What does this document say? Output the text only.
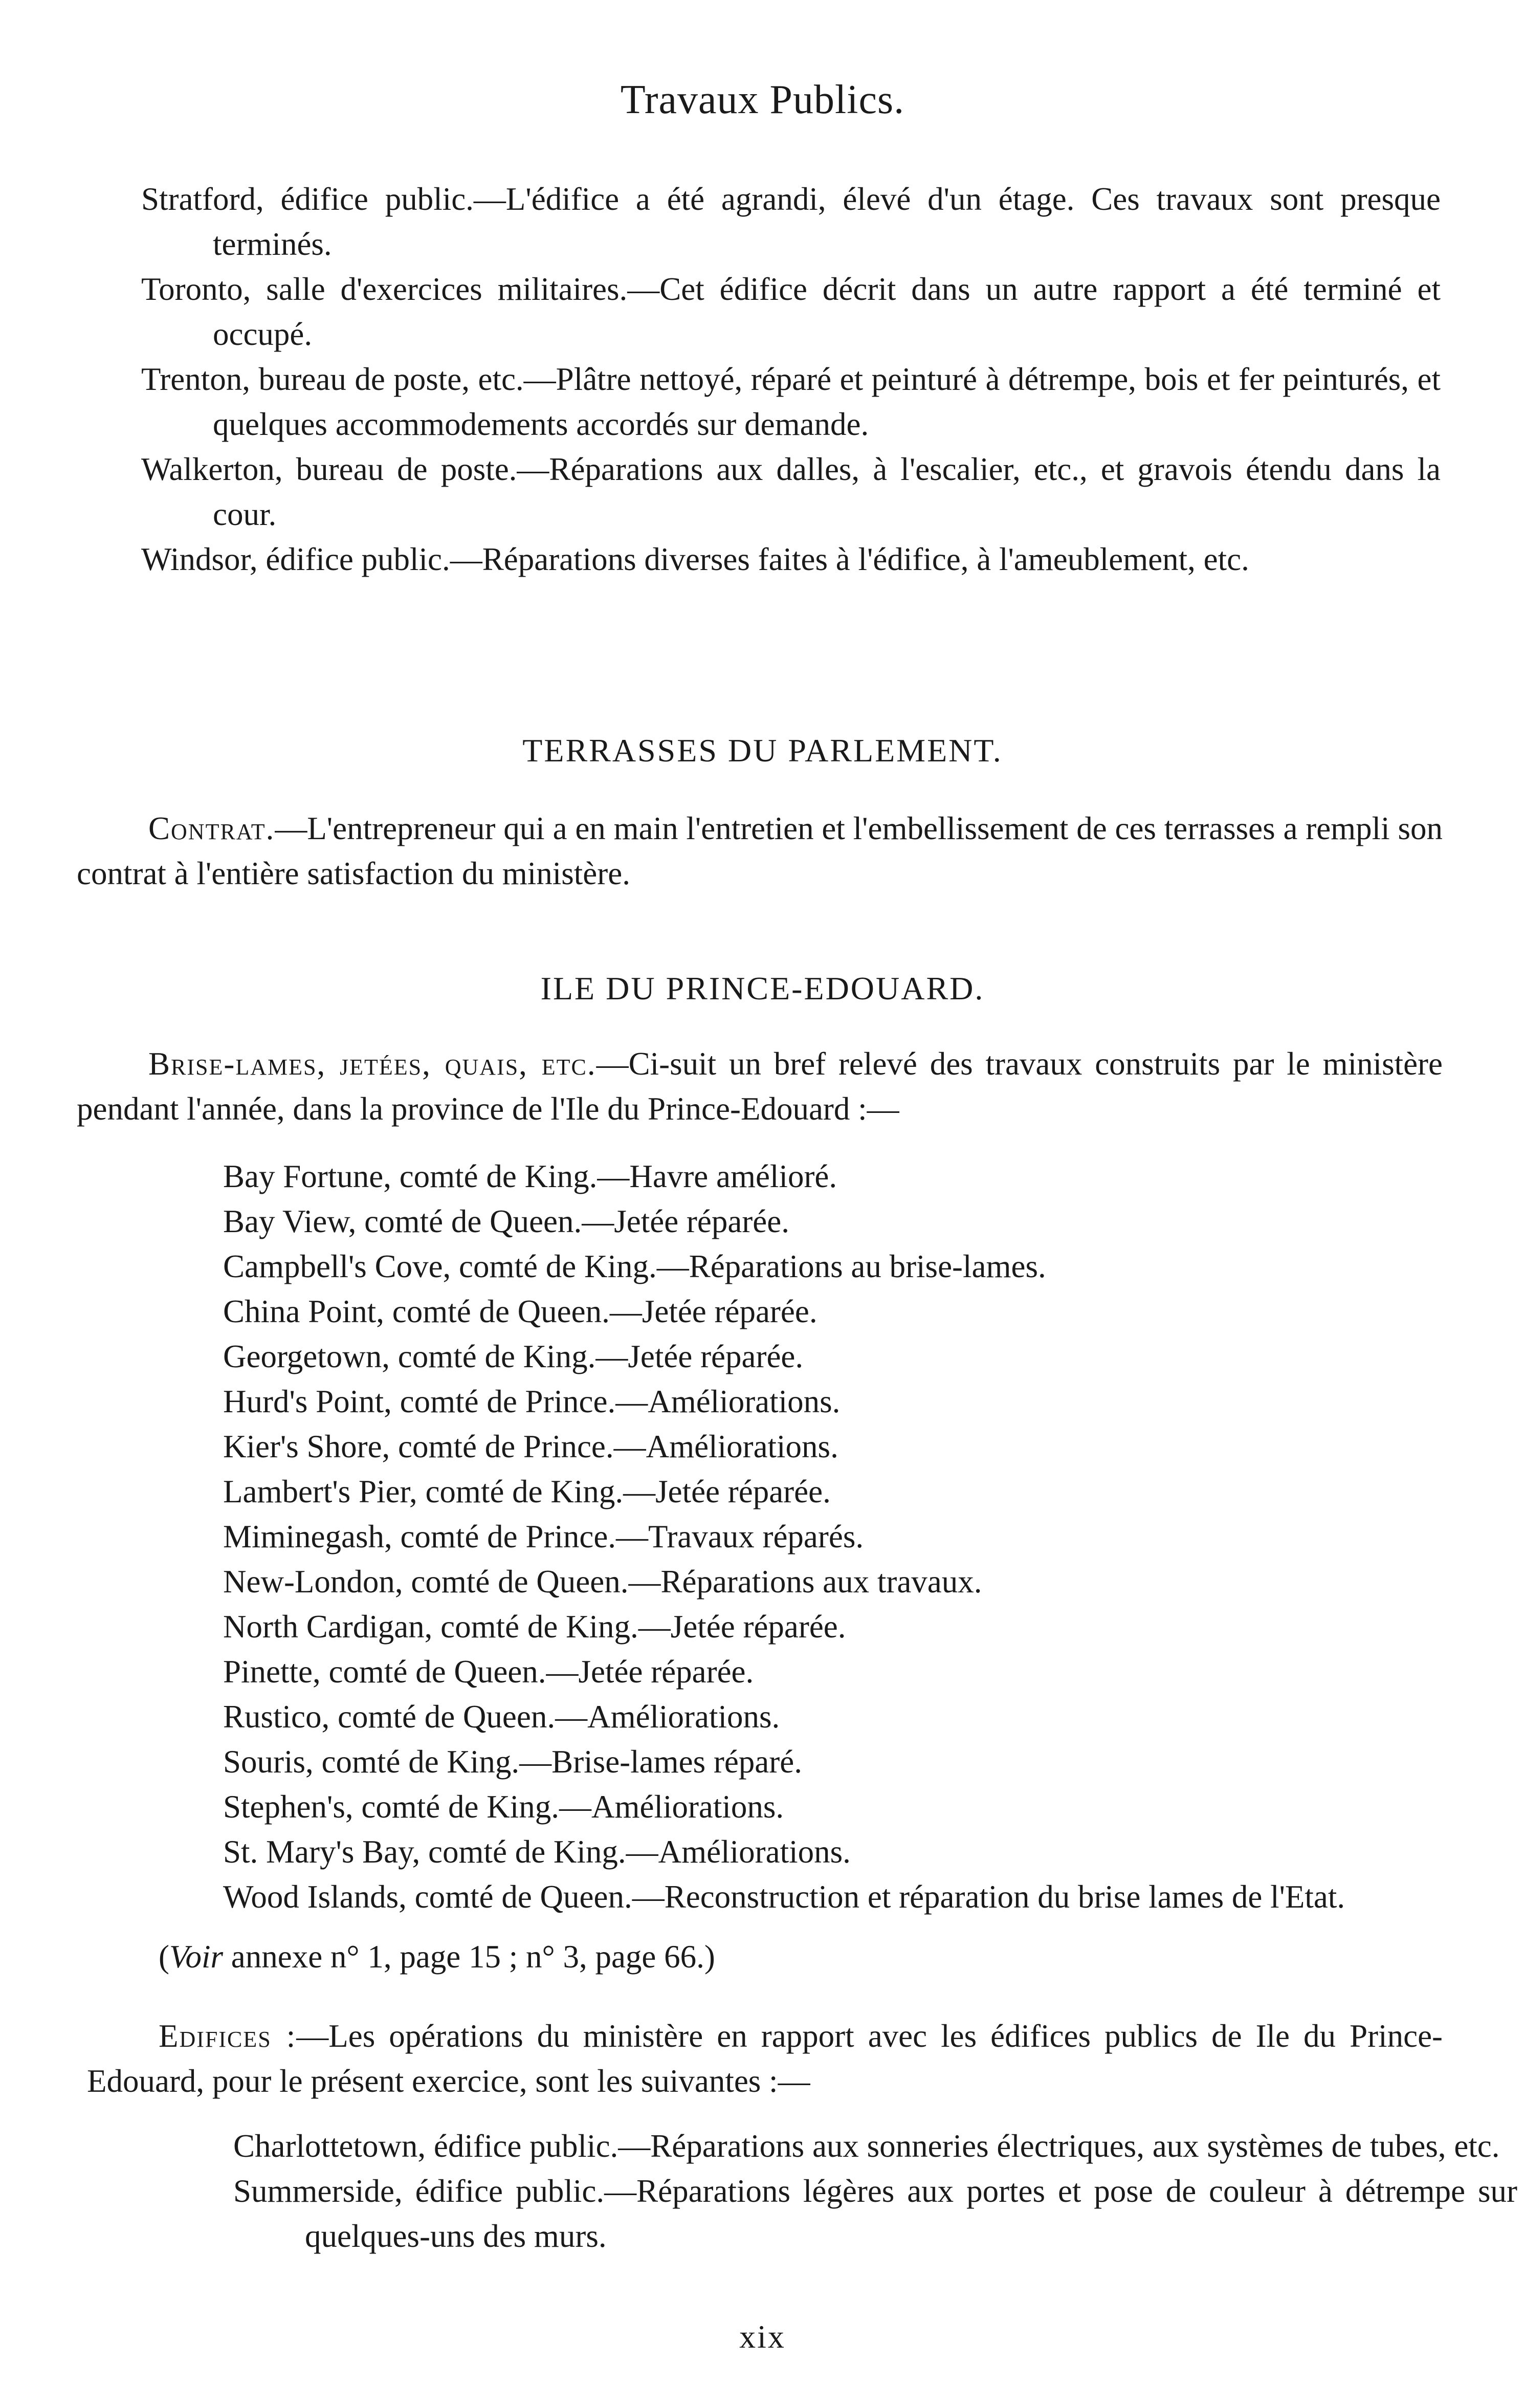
Travaux Publics.

Stratford, édifice public.—L'édifice a été agrandi, élevé d'un étage. Ces travaux sont presque terminés.

Toronto, salle d'exercices militaires.—Cet édifice décrit dans un autre rapport a été terminé et occupé.

Trenton, bureau de poste, etc.—Plâtre nettoyé, réparé et peinturé à détrempe, bois et fer peinturés, et quelques accommodements accordés sur demande.

Walkerton, bureau de poste.—Réparations aux dalles, à l'escalier, etc., et gravois étendu dans la cour.

Windsor, édifice public.—Réparations diverses faites à l'édifice, à l'ameublement, etc.

TERRASSES DU PARLEMENT.

Contrat.—L'entrepreneur qui a en main l'entretien et l'embellissement de ces terrasses a rempli son contrat à l'entière satisfaction du ministère.

ILE DU PRINCE-EDOUARD.

Brise-lames, jetées, quais, etc.—Ci-suit un bref relevé des travaux construits par le ministère pendant l'année, dans la province de l'Ile du Prince-Edouard :—

Bay Fortune, comté de King.—Havre amélioré.
Bay View, comté de Queen.—Jetée réparée.
Campbell's Cove, comté de King.—Réparations au brise-lames.
China Point, comté de Queen.—Jetée réparée.
Georgetown, comté de King.—Jetée réparée.
Hurd's Point, comté de Prince.—Améliorations.
Kier's Shore, comté de Prince.—Améliorations.
Lambert's Pier, comté de King.—Jetée réparée.
Miminegash, comté de Prince.—Travaux réparés.
New-London, comté de Queen.—Réparations aux travaux.
North Cardigan, comté de King.—Jetée réparée.
Pinette, comté de Queen.—Jetée réparée.
Rustico, comté de Queen.—Améliorations.
Souris, comté de King.—Brise-lames réparé.
Stephen's, comté de King.—Améliorations.
St. Mary's Bay, comté de King.—Améliorations.
Wood Islands, comté de Queen.—Reconstruction et réparation du brise lames de l'Etat.
(Voir annexe n° 1, page 15 ; n° 3, page 66.)

Edifices :—Les opérations du ministère en rapport avec les édifices publics de Ile du Prince-Edouard, pour le présent exercice, sont les suivantes :—

Charlottetown, édifice public.—Réparations aux sonneries électriques, aux systèmes de tubes, etc.
Summerside, édifice public.—Réparations légères aux portes et pose de couleur à détrempe sur quelques-uns des murs.
xix
